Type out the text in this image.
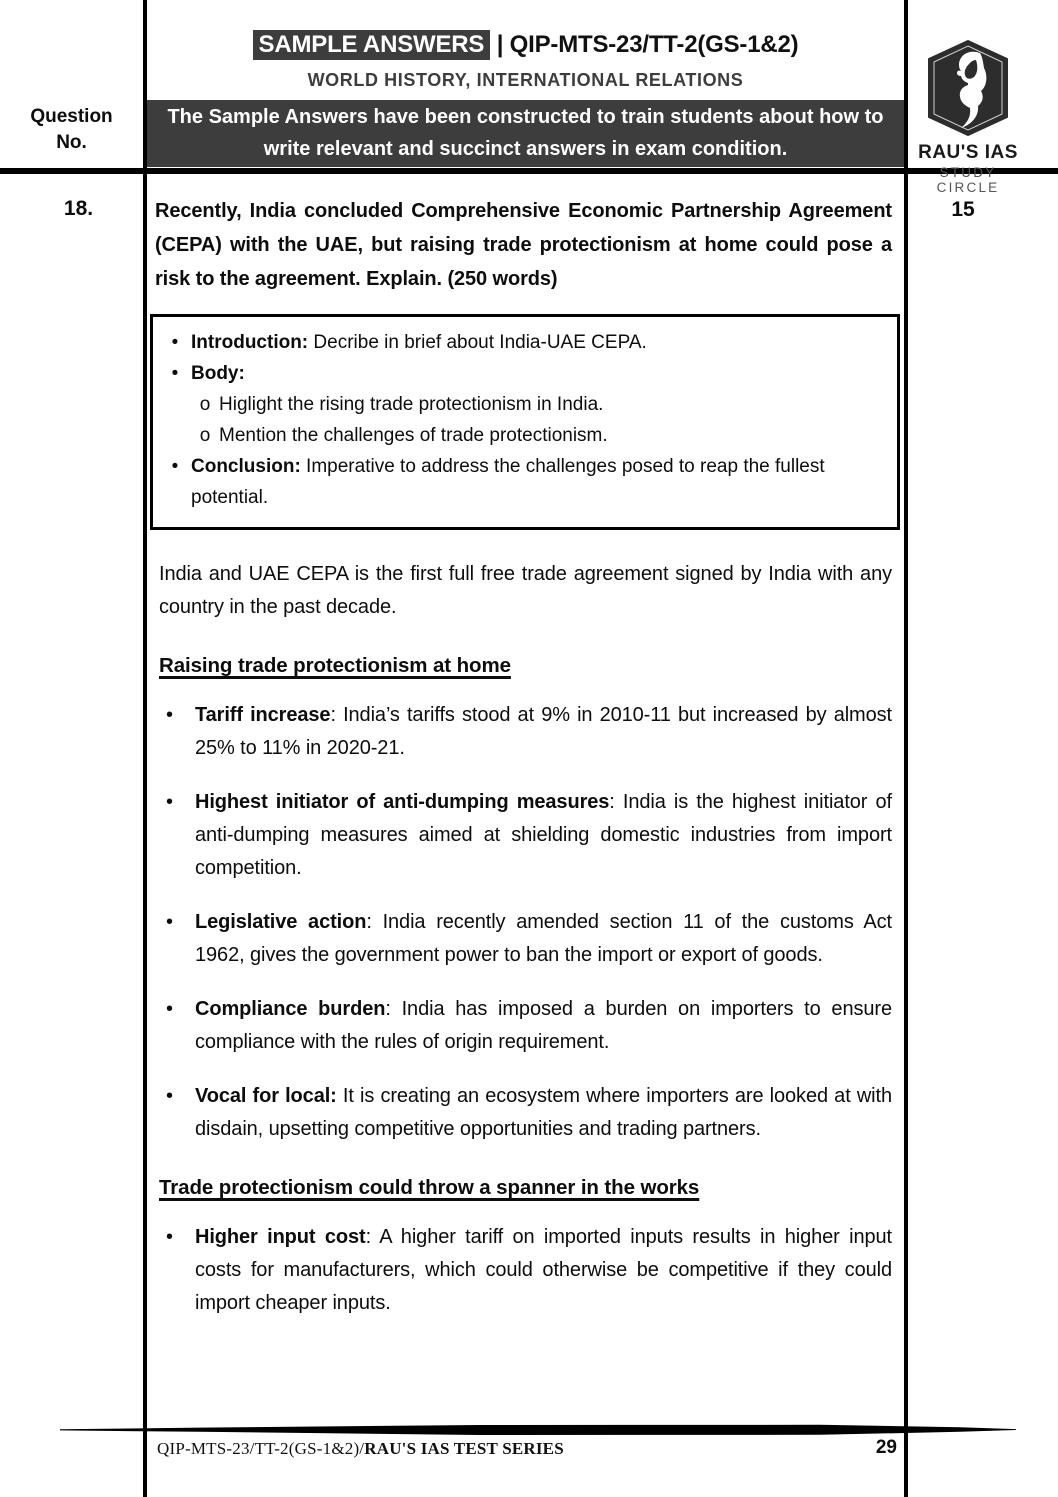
Question
No.
18.
RAU'S IAS
STUDY CIRCLE
15
SAMPLE ANSWERS | QIP-MTS-23/TT-2(GS-1&2)
WORLD HISTORY, INTERNATIONAL RELATIONS
The Sample Answers have been constructed to train students about how to write relevant and succinct answers in exam condition.
Recently, India concluded Comprehensive Economic Partnership Agreement (CEPA) with the UAE, but raising trade protectionism at home could pose a risk to the agreement. Explain. (250 words)
• Introduction: Decribe in brief about India-UAE CEPA.
• Body:
o Higlight the rising trade protectionism in India.
o Mention the challenges of trade protectionism.
• Conclusion: Imperative to address the challenges posed to reap the fullest potential.
India and UAE CEPA is the first full free trade agreement signed by India with any country in the past decade.
Raising trade protectionism at home
•	Tariff increase: India’s tariffs stood at 9% in 2010-11 but increased by almost 25% to 11% in 2020-21.
•	Highest initiator of anti-dumping measures: India is the highest initiator of anti-dumping measures aimed at shielding domestic industries from import competition.
•	Legislative action: India recently amended section 11 of the customs Act 1962, gives the government power to ban the import or export of goods.
•	Compliance burden: India has imposed a burden on importers to ensure compliance with the rules of origin requirement.
•	Vocal for local: It is creating an ecosystem where importers are looked at with disdain, upsetting competitive opportunities and trading partners.
Trade protectionism could throw a spanner in the works
•	Higher input cost: A higher tariff on imported inputs results in higher input costs for manufacturers, which could otherwise be competitive if they could import cheaper inputs.
QIP-MTS-23/TT-2(GS-1&2)/RAU'S IAS TEST SERIES	29
